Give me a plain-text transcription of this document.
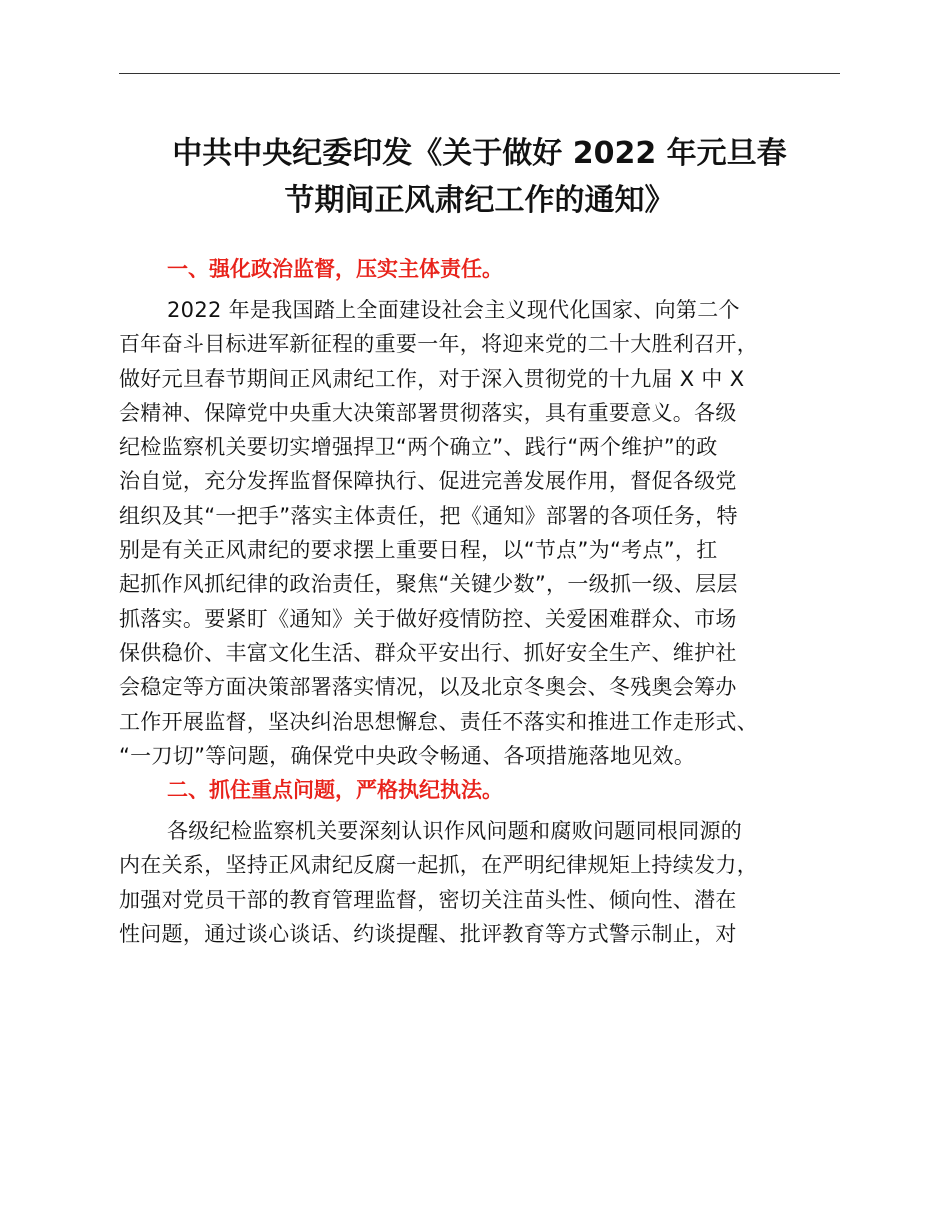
中共中央纪委印发《关于做好 2022 年元旦春
节期间正风肃纪工作的通知》
一、强化政治监督，压实主体责任。
2022 年是我国踏上全面建设社会主义现代化国家、向第二个
百年奋斗目标进军新征程的重要一年，将迎来党的二十大胜利召开，
做好元旦春节期间正风肃纪工作，对于深入贯彻党的十九届 X 中 X
会精神、保障党中央重大决策部署贯彻落实，具有重要意义。各级
纪检监察机关要切实增强捍卫“两个确立”、践行“两个维护”的政
治自觉，充分发挥监督保障执行、促进完善发展作用，督促各级党
组织及其“一把手”落实主体责任，把《通知》部署的各项任务，特
别是有关正风肃纪的要求摆上重要日程，以“节点”为“考点”，扛
起抓作风抓纪律的政治责任，聚焦“关键少数”，一级抓一级、层层
抓落实。要紧盯《通知》关于做好疫情防控、关爱困难群众、市场
保供稳价、丰富文化生活、群众平安出行、抓好安全生产、维护社
会稳定等方面决策部署落实情况，以及北京冬奥会、冬残奥会筹办
工作开展监督，坚决纠治思想懈怠、责任不落实和推进工作走形式、
“一刀切”等问题，确保党中央政令畅通、各项措施落地见效。
二、抓住重点问题，严格执纪执法。
各级纪检监察机关要深刻认识作风问题和腐败问题同根同源的
内在关系，坚持正风肃纪反腐一起抓，在严明纪律规矩上持续发力，
加强对党员干部的教育管理监督，密切关注苗头性、倾向性、潜在
性问题，通过谈心谈话、约谈提醒、批评教育等方式警示制止，对
